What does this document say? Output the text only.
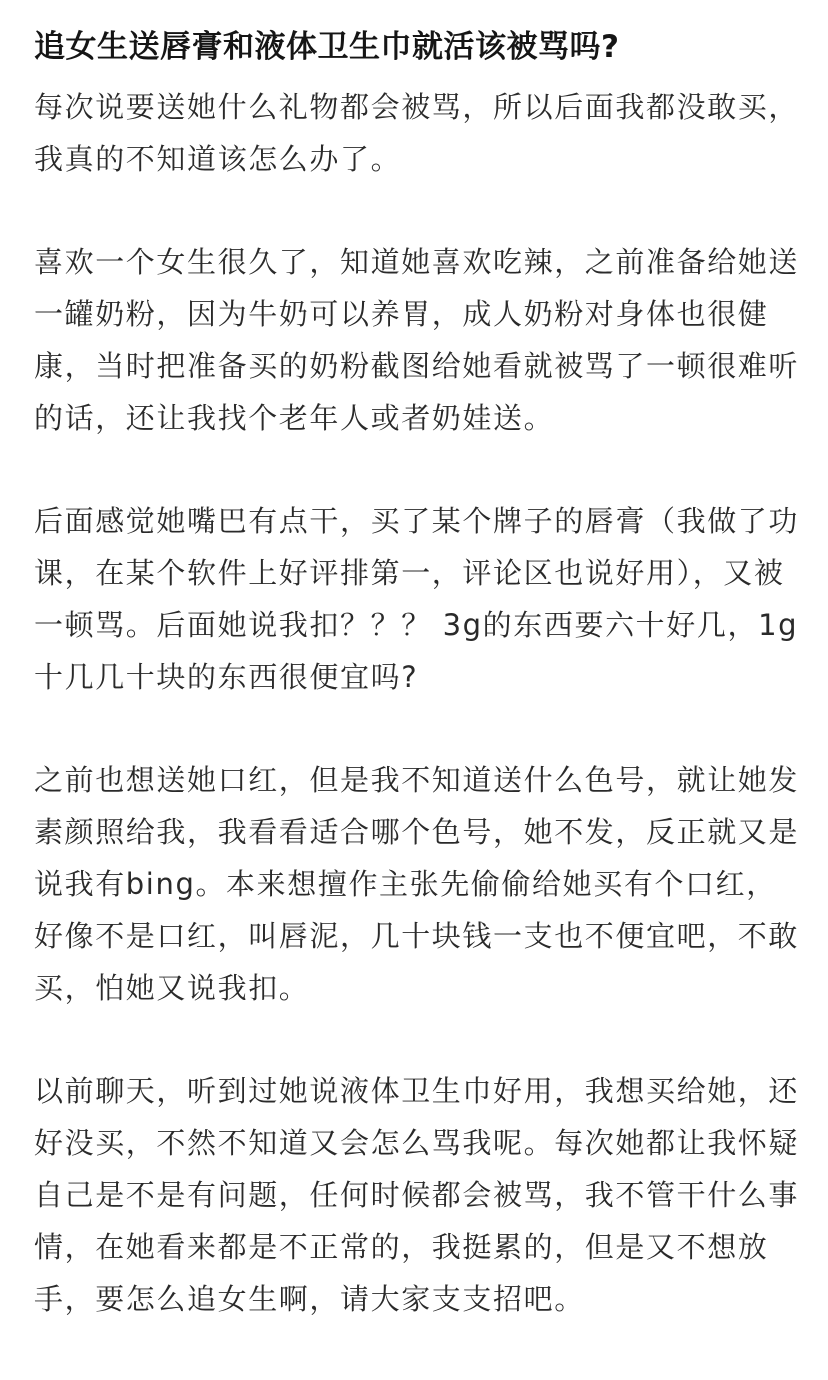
追女生送唇膏和液体卫生巾就活该被骂吗?

每次说要送她什么礼物都会被骂，所以后面我都没敢买，我真的不知道该怎么办了。

喜欢一个女生很久了，知道她喜欢吃辣，之前准备给她送一罐奶粉，因为牛奶可以养胃，成人奶粉对身体也很健康，当时把准备买的奶粉截图给她看就被骂了一顿很难听的话，还让我找个老年人或者奶娃送。

后面感觉她嘴巴有点干，买了某个牌子的唇膏（我做了功课，在某个软件上好评排第一，评论区也说好用），又被一顿骂。后面她说我扣？？？ 3g的东西要六十好几，1g十几几十块的东西很便宜吗?

之前也想送她口红，但是我不知道送什么色号，就让她发素颜照给我，我看看适合哪个色号，她不发，反正就又是说我有bing。本来想擅作主张先偷偷给她买有个口红，好像不是口红，叫唇泥，几十块钱一支也不便宜吧，不敢买，怕她又说我扣。

以前聊天，听到过她说液体卫生巾好用，我想买给她，还好没买，不然不知道又会怎么骂我呢。每次她都让我怀疑自己是不是有问题，任何时候都会被骂，我不管干什么事情，在她看来都是不正常的，我挺累的，但是又不想放手，要怎么追女生啊，请大家支支招吧。
